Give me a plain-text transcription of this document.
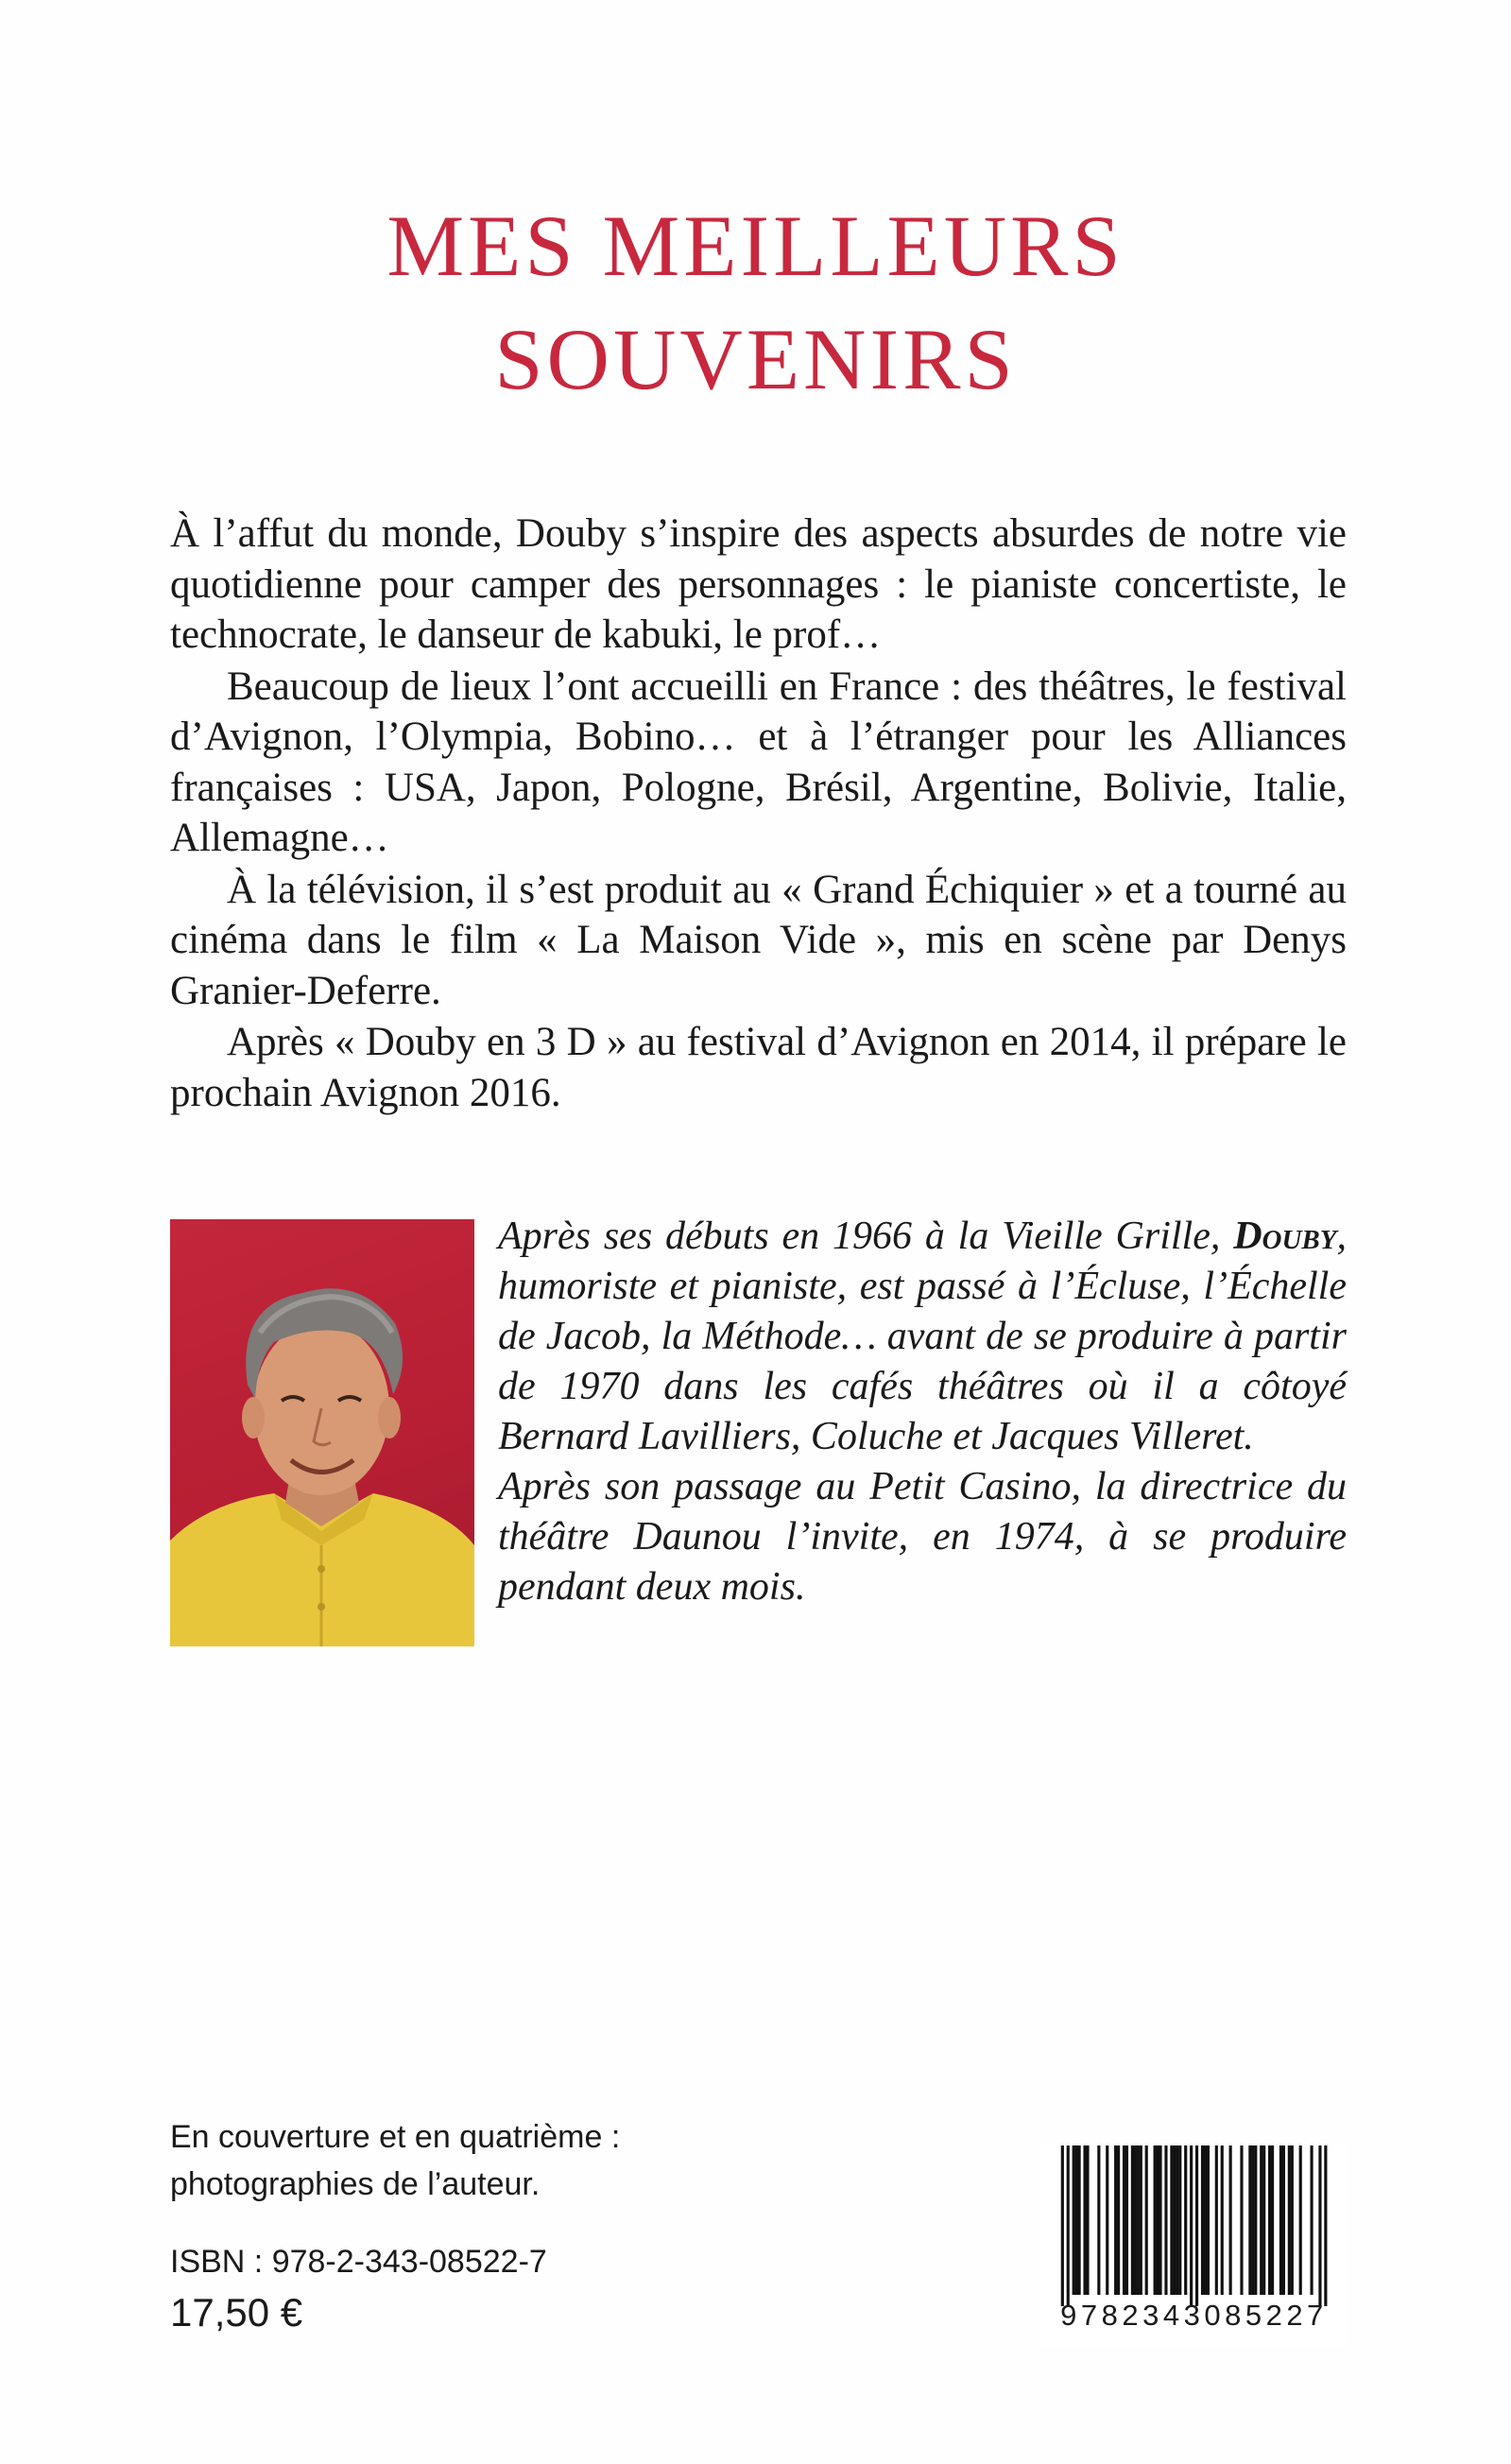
MES MEILLEURS
SOUVENIRS

À l’affut du monde, Douby s’inspire des aspects absurdes de notre vie quotidienne pour camper des personnages : le pianiste concertiste, le technocrate, le danseur de kabuki, le prof…

Beaucoup de lieux l’ont accueilli en France : des théâtres, le festival d’Avignon, l’Olympia, Bobino… et à l’étranger pour les Alliances françaises : USA, Japon, Pologne, Brésil, Argentine, Bolivie, Italie, Allemagne…

À la télévision, il s’est produit au « Grand Échiquier » et a tourné au cinéma dans le film « La Maison Vide », mis en scène par Denys Granier-Deferre.

Après « Douby en 3 D » au festival d’Avignon en 2014, il prépare le prochain Avignon 2016.

Après ses débuts en 1966 à la Vieille Grille, Douby, humoriste et pianiste, est passé à l’Écluse, l’Échelle de Jacob, la Méthode… avant de se produire à partir de 1970 dans les cafés théâtres où il a côtoyé Bernard Lavilliers, Coluche et Jacques Villeret.

Après son passage au Petit Casino, la directrice du théâtre Daunou l’invite, en 1974, à se produire pendant deux mois.

En couverture et en quatrième :
photographies de l’auteur.
ISBN : 978-2-343-08522-7
17,50 €	9782343085227
